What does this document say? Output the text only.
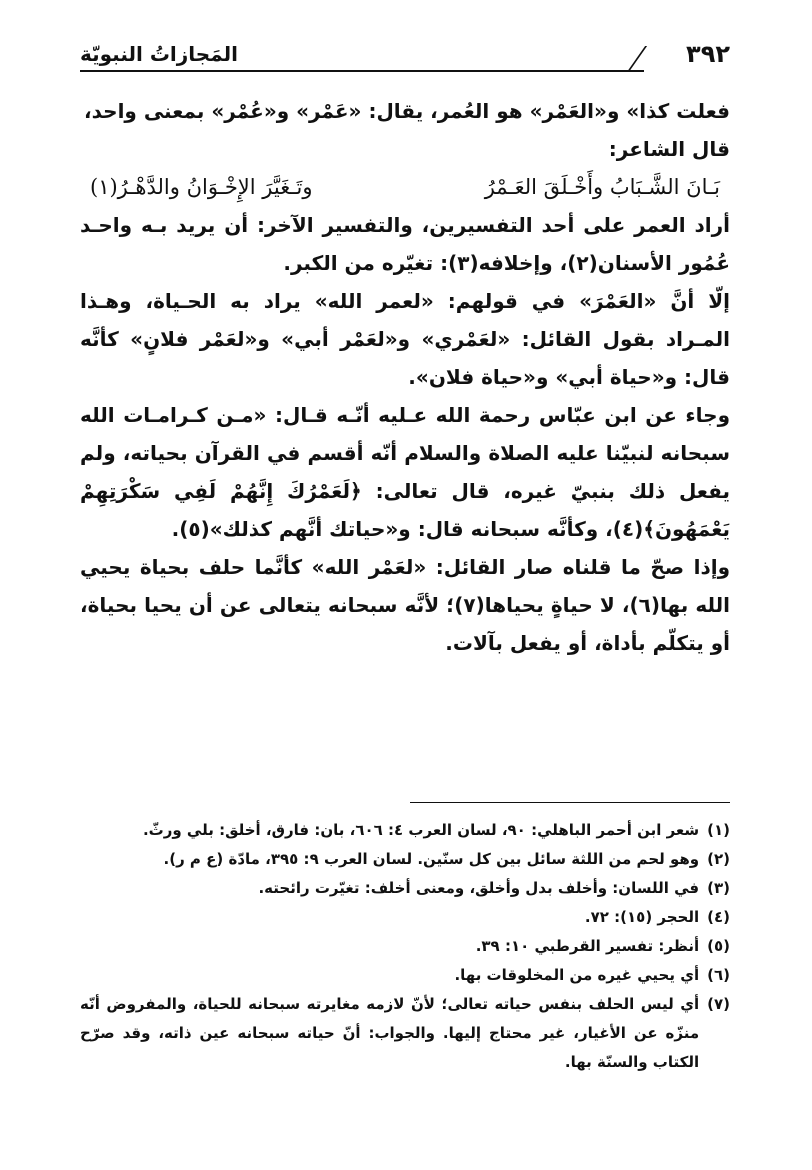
٣٩٢
المَجازاتُ النبويّة

فعلت كذا» و«العَمْر» هو العُمر، يقال: «عَمْر» و«عُمْر» بمعنى واحد،

قال الشاعر:

بَـانَ الشَّـبَابُ وأَخْـلَقَ العَـمْرُ
وتَـغَيَّرَ الإِخْـوَانُ والدَّهْـرُ(١)

أراد العمر على أحد التفسيرين، والتفسير الآخر: أن يريد بـه واحـد عُمُور الأسنان(٢)، وإخلافه(٣): تغيّره من الكبر.

إلّا أنَّ «العَمْرَ» في قولهم: «لعمر الله» يراد به الحـياة، وهـذا المـراد بقول القائل: «لعَمْري» و«لعَمْر أبي» و«لعَمْر فلانٍ» كأنَّه قال: و«حياة أبي» و«حياة فلان».

وجاء عن ابن عبّاس رحمة الله عـليه أنّـه قـال: «مـن كـرامـات الله سبحانه لنبيّنا عليه الصلاة والسلام أنّه أقسم في القرآن بحياته، ولم يفعل ذلك بنبيّ غيره، قال تعالى: ﴿لَعَمْرُكَ إِنَّهُمْ لَفِي سَكْرَتِهِمْ يَعْمَهُونَ﴾(٤)، وكأنَّه سبحانه قال: و«حياتك أنَّهم كذلك»(٥).

وإذا صحّ ما قلناه صار القائل: «لعَمْر الله» كأنَّما حلف بحياة يحيي الله بها(٦)، لا حياةٍ يحياها(٧)؛ لأنَّه سبحانه يتعالى عن أن يحيا بحياة، أو يتكلّم بأداة، أو يفعل بآلات.

(١)
شعر ابن أحمر الباهلي: ٩٠، لسان العرب ٤: ٦٠٦، بان: فارق، أخلق: بلي ورثّ.
(٢)
وهو لحم من اللثة سائل بين كل سنّين. لسان العرب ٩: ٣٩٥، مادّة (ع م ر).
(٣)
في اللسان: وأخلف بدل وأخلق، ومعنى أخلف: تغيّرت رائحته.
(٤)
الحجر (١٥): ٧٢.
(٥)
أنظر: تفسير القرطبي ١٠: ٣٩.
(٦)
أي يحيي غيره من المخلوقات بها.
(٧)
أي ليس الحلف بنفس حياته تعالى؛ لأنّ لازمه مغايرته سبحانه للحياة، والمفروض أنّه منزّه عن الأغيار، غير محتاج إليها. والجواب: أنّ حياته سبحانه عين ذاته، وقد صرّح الكتاب والسنّة بها.
